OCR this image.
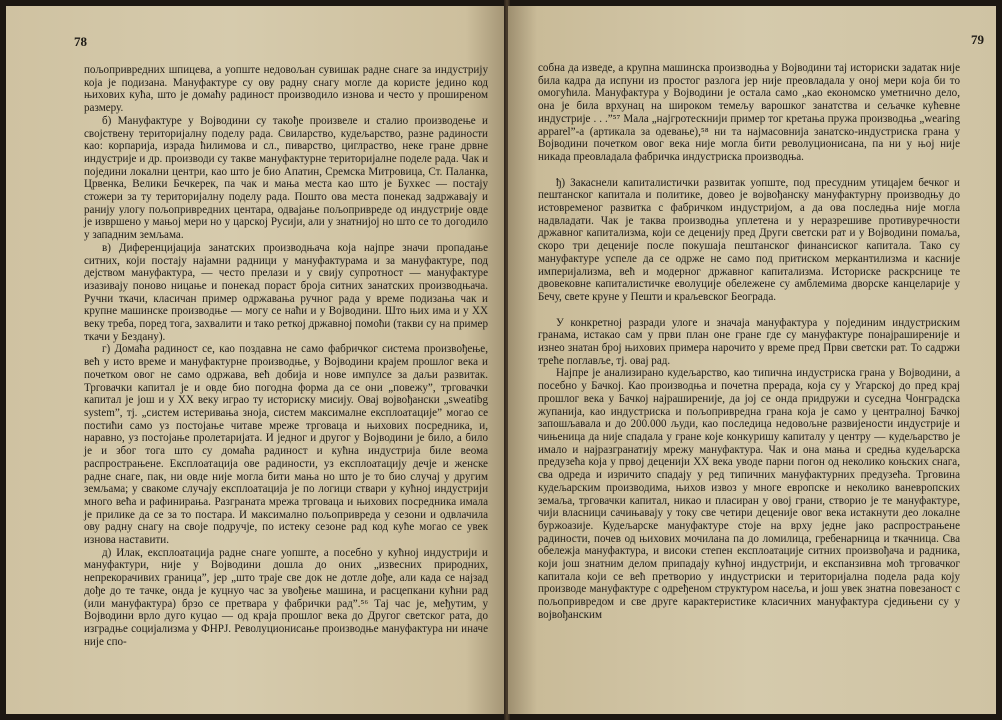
78

пољопривредних шпицева, а уопште недовољан сувишак радне снаге за индустрију која је подизана. Мануфактуре су ову радну снагу могле да користе једино код њихових кућа, што је домаћу радиност производило изнова и често у проширеном размеру.

б) Мануфактуре у Војводини су такође произвеле и сталио производење и својствену територијалну поделу рада. Свиларство, кудељарство, разне радиности као: корпарија, израда ћилимова и сл., пиварство, циглраство, неке гране дрвне индустрије и др. производи су такве мануфактурне територијалне поделе рада. Чак и поједини локални центри, као што је био Апатин, Сремска Митровица, Ст. Паланка, Црвенка, Велики Бечкерек, па чак и мања места као што је Бухкес — постају стожери за ту територијалну поделу рада. Пошто ова места понекад задржавају и ранију улогу пољопривредних центара, одвајање пољопривреде од индустрије овде је извршено у мањој мери но у царској Русији, али у знатнијој но што се то догодило у западним земљама.

в) Диференцијација занатских производњача која најпре значи пропадање ситних, који постају најамни радници у мануфактурама и за мануфактуре, под дејством мануфактура, — често прелази и у свију супротност — мануфактуре изазивају поново ницање и понекад пораст броја ситних занатских производњача. Ручни ткачи, класичан пример одржавања ручног рада у време подизања чак и крупне машинске производње — могу се наћи и у Војводини. Што њих има и у XX веку треба, поред тога, захвалити и тако реткој државној помоћи (такви су на пример ткачи у Бездану).

г) Домаћа радиност се, као поздавна не само фабричког система произвођење, већ у исто време и мануфактурне производње, у Војводини крајем прошлог века и почетком овог не само одржава, већ добија и нове импулсе за даљи развитак. Трговачки капитал је и овде био погодна форма да се они „повежу”, трговачки капитал је још и у XX веку играо ту историску мисију. Овај војвођански „sweatibg system”, тј. „систем истеривања зноја, систем максималне експлоатације” могао се постићи само уз постојање читаве мреже трговаца и њихових посредника, и, наравно, уз постојање пролетаријата. И једног и другог у Војводини је било, а било је и због тога што су домаћа радиност и кућна индустрија биле веома распрострањене. Експлоатација ове радиности, уз експлоатацију дечје и женске радне снаге, пак, ни овде није могла бити мања но што је то био случај у другим земљама; у свакоме случају експлоатација је по логици ствари у кућној индустрији много већа и рафинирања. Разграната мрежа трговаца и њихових посредника имала је прилике да се за то постара. И максимално пољопривреда у сезони и одвлачила ову радну снагу на своје подручје, по истеку сезоне рад код куће могао се увек изнова наставити.

д) Илак, експлоатација радне снаге уопште, а посебно у кућној индустрији и мануфактури, није у Војводини дошла до оних „извесних природних, непрекорачивих граница”, јер „што траје све док не дотле дође, али када се најзад дође до те тачке, онда је куцнуо час за увођење машина, и расцепкани кућни рад (или мануфактура) брзо се претвара у фабрички рад”.⁵⁶ Тај час је, међутим, у Војводини врло дуго куцао — од краја прошлог века до Другог светског рата, до изградње социјализма у ФНРЈ. Револуционисање производње мануфактура ни иначе није спо-

79

собна да изведе, а крупна машинска производња у Војводини тај историски задатак није била кадра да испуни из простог разлога јер није преовладала у оној мери која би то омогућила. Мануфактура у Војводини је остала само „као економско уметнично дело, она је била врхунац на широком темељу варошког занатства и сељачке кућевне индустрије . . .”⁵⁷ Мала „најгротескнији пример тог кретања пружа производња „wearing apparel”-а (артикала за одевање),⁵⁸ ни та најмасовнија занатско-индустриска грана у Војводини почетком овог века није могла бити револуционисана, па ни у њој није никада преовладала фабричка индустриска производња.

ђ) Закаснели капиталистички развитак уопште, под пресудним утицајем бечког и пештанског капитала и политике, довео је војвођанску мануфактурну производњу до истовременог развитка с фабричком индустријом, а да ова последња није могла надвладати. Чак је таква производња уплетена и у неразрешиве противуречности државног капитализма, који се деценију пред Други светски рат и у Војводини помаља, скоро три деценије после покушаја пештанског финансиског капитала. Тако су мануфактуре успеле да се одрже не само под притиском меркантилизма и касније империјализма, већ и модерног државног капитализма. Историске раскрснице те двовековне капиталистичке еволуције обележене су амблемима дворске канцеларије у Бечу, свете круне у Пешти и краљевског Београда.

У конкретној разради улоге и значаја мануфактура у појединим индустриским гранама, истакао сам у први план оне гране где су мануфактуре понајраширеније и изнео знатан број њихових примера нарочито у време пред Први светски рат. То садржи треће поглавље, тј. овај рад.

Најпре је анализирано кудељарство, као типична индустриска грана у Војводини, а посебно у Бачкој. Као производња и почетна прерада, која су у Угарској до пред крај прошлог века у Бачкој најраширеније, да јој се онда придружи и суседна Чонградска жупанија, као индустриска и пољопривредна грана која је само у централној Бачкој запошљавала и до 200.000 људи, као последица недовољне развијености индустрије и чињеница да није спадала у гране које конкуришу капиталу у центру — кудељарство је имало и најразгранатију мрежу мануфактура. Чак и она мања и средња кудељарска предузећа која у првој деценији XX века уводе парни погон од неколико коњских снага, сва одреда и изричито спадају у ред типичних мануфактурних предузећа. Трговина кудељарским производима, њихов извоз у многе европске и неколико ваневропских земаља, трговачки капитал, никао и пласиран у овој грани, створио је те мануфактуре, чији власници сачињавају у току све четири деценије овог века истакнути део локалне буржоазије. Кудељарске мануфактуре стоје на врху једне јако распрострањене радиности, почев од њихових мочилана па до ломилица, гребенарница и ткачница. Сва обележја мануфактура, и високи степен експлоатације ситних произвођача и радника, који још знатним делом припадају кућној индустрији, и експанзивна моћ трговачког капитала који се већ претворио у индустриски и територијална подела рада коју производе мануфактуре с одређеном структуром насеља, и још увек знатна повезаност с пољопривредом и све друге карактеристике класичних мануфактура сједињени су у војвођанским
